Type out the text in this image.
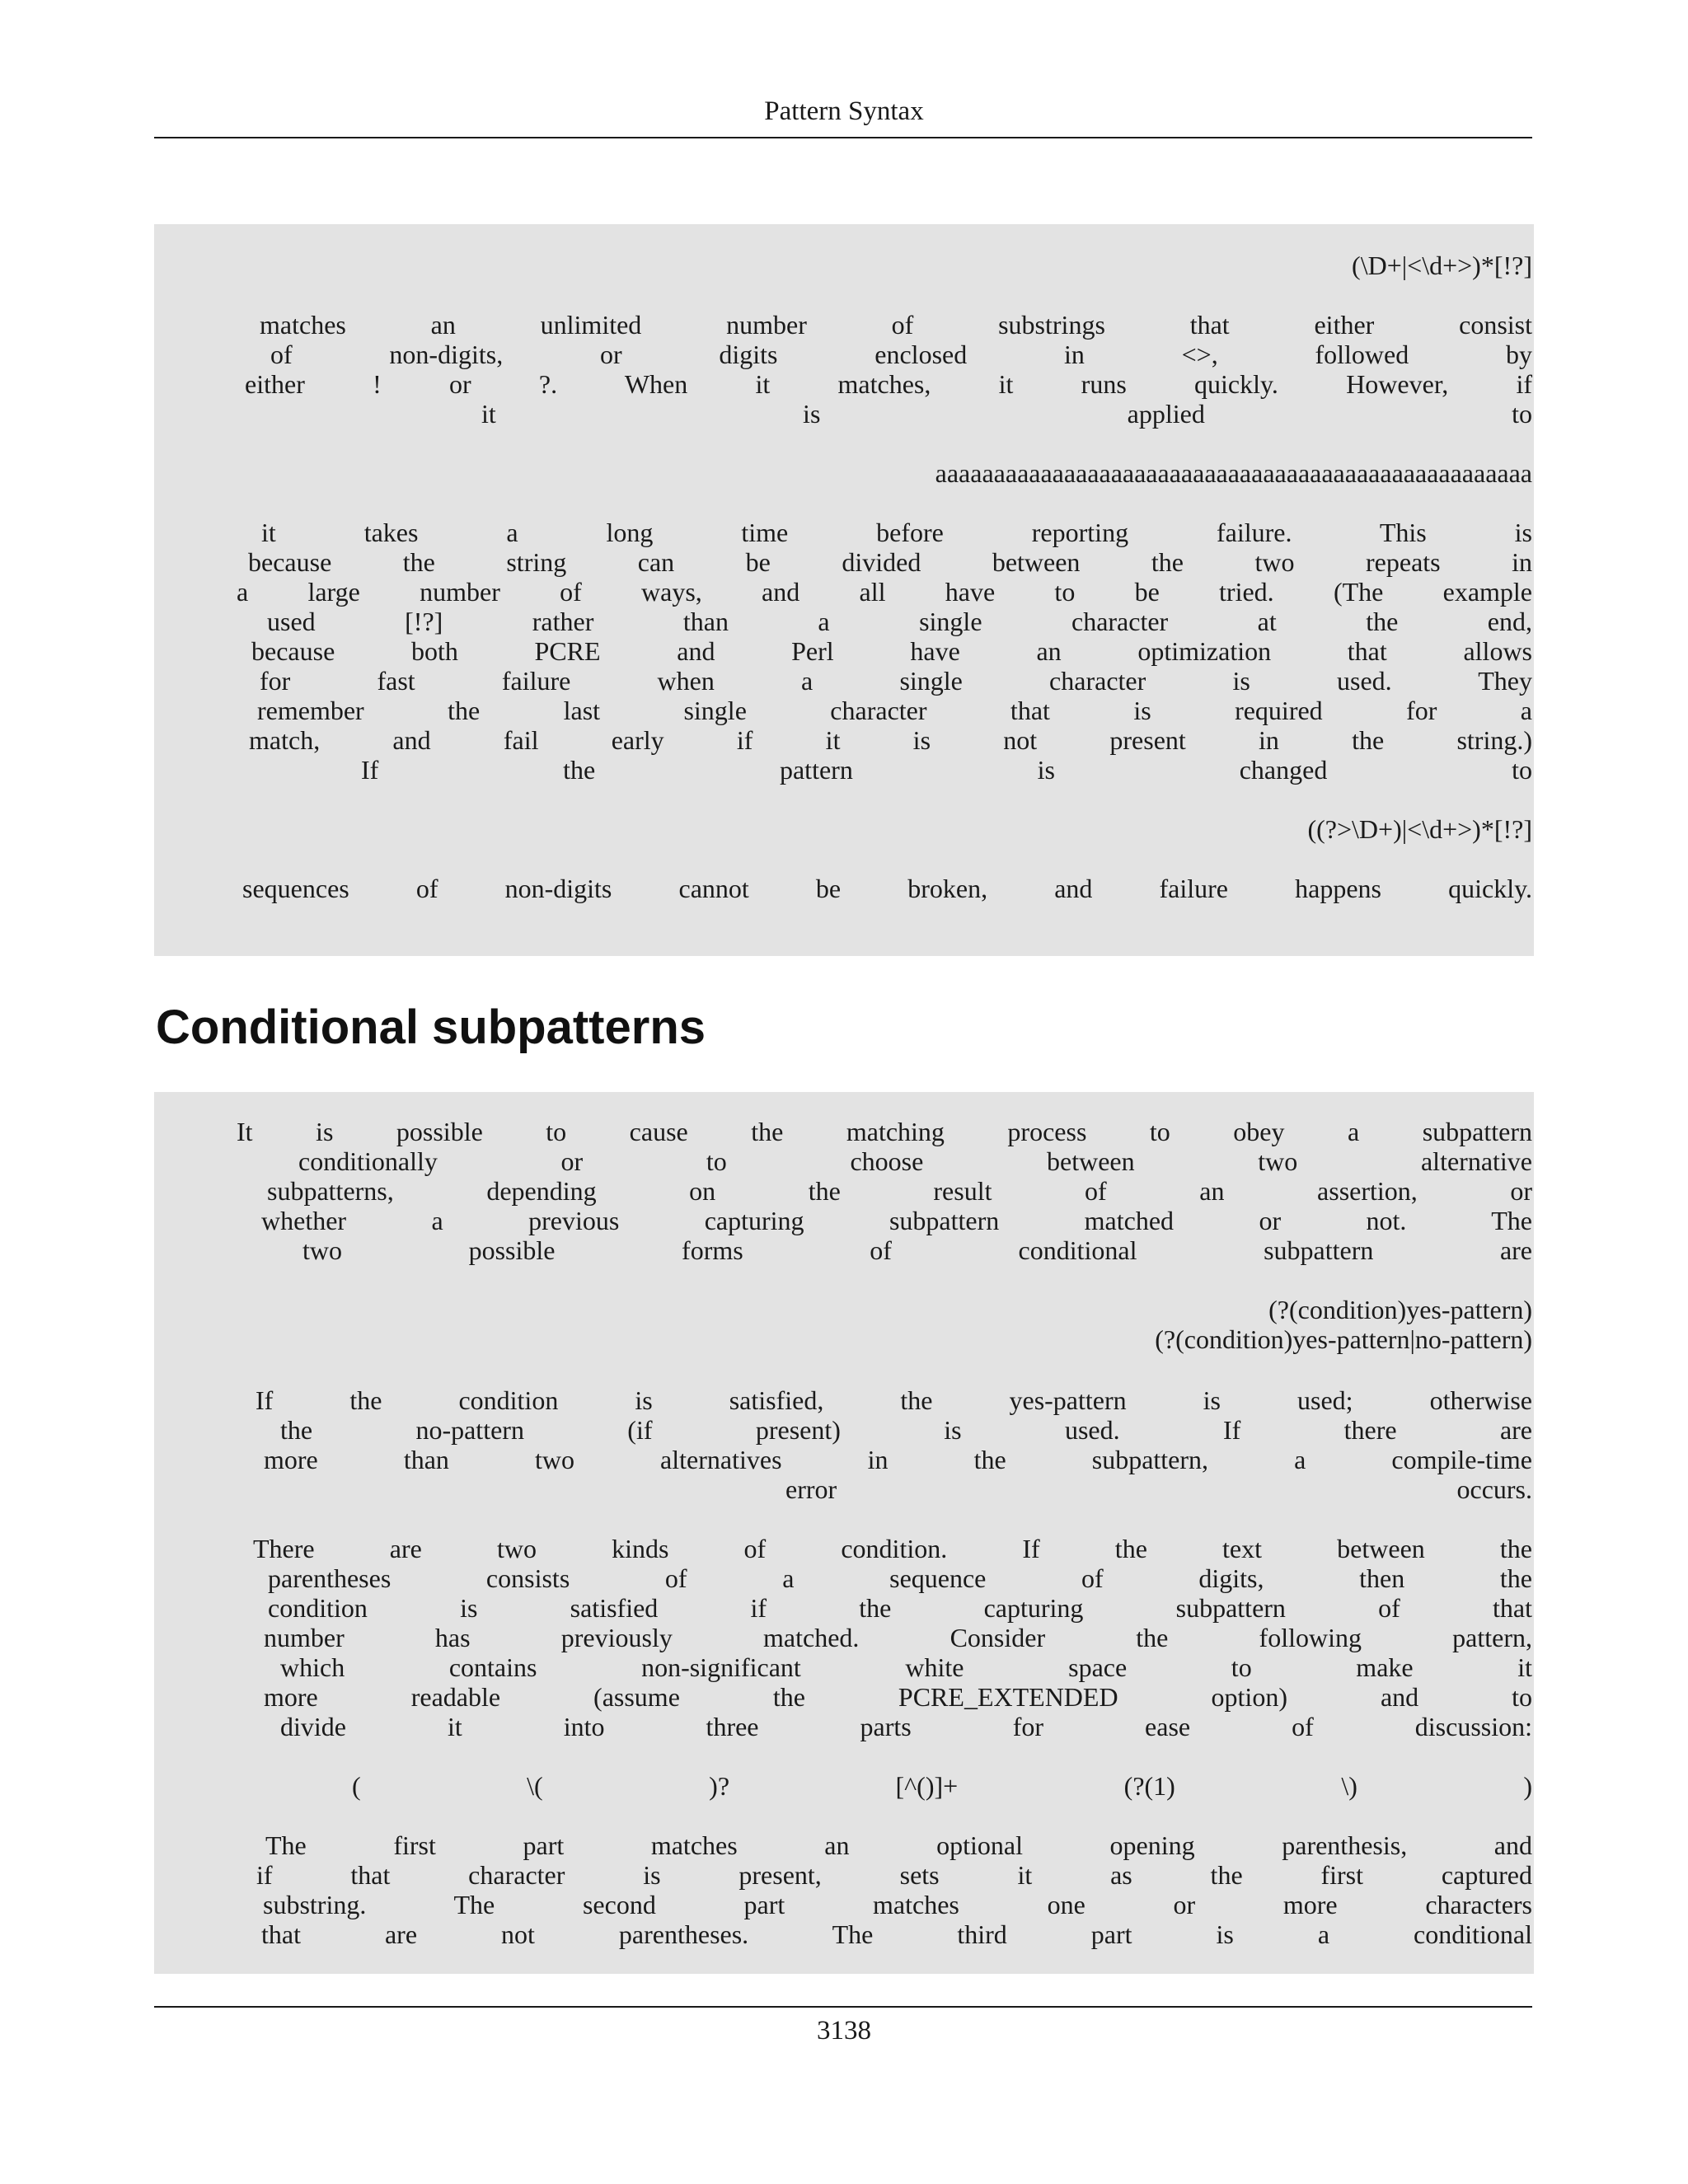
Pattern Syntax
(\D+|<\d+>)*[!?]
matches an unlimited number of substrings that either consist
of non-digits, or digits enclosed in <>, followed by
either ! or ?. When it matches, it runs quickly. However, if
it is applied to
aaaaaaaaaaaaaaaaaaaaaaaaaaaaaaaaaaaaaaaaaaaaaaaaaaa
it takes a long time before reporting failure. This is
because the string can be divided between the two repeats in
a large number of ways, and all have to be tried. (The example
used [!?] rather than a single character at the end,
because both PCRE and Perl have an optimization that allows
for fast failure when a single character is used. They
remember the last single character that is required for a
match, and fail early if it is not present in the string.)
If the pattern is changed to
((?>\D+)|<\d+>)*[!?]
sequences of non-digits cannot be broken, and failure happens quickly.
Conditional subpatterns
It is possible to cause the matching process to obey a subpattern
conditionally or to choose between two alternative
subpatterns, depending on the result of an assertion, or
whether a previous capturing subpattern matched or not. The
two possible forms of conditional subpattern are
(?(condition)yes-pattern)
(?(condition)yes-pattern|no-pattern)
If the condition is satisfied, the yes-pattern is used; otherwise
the no-pattern (if present) is used. If there are
more than two alternatives in the subpattern, a compile-time
error occurs.
There are two kinds of condition. If the text between the
parentheses consists of a sequence of digits, then the
condition is satisfied if the capturing subpattern of that
number has previously matched. Consider the following pattern,
which contains non-significant white space to make it
more readable (assume the PCRE_EXTENDED option) and to
divide it into three parts for ease of discussion:
( \( )? [^()]+ (?(1) \) )
The first part matches an optional opening parenthesis, and
if that character is present, sets it as the first captured
substring. The second part matches one or more characters
that are not parentheses. The third part is a conditional
3138
